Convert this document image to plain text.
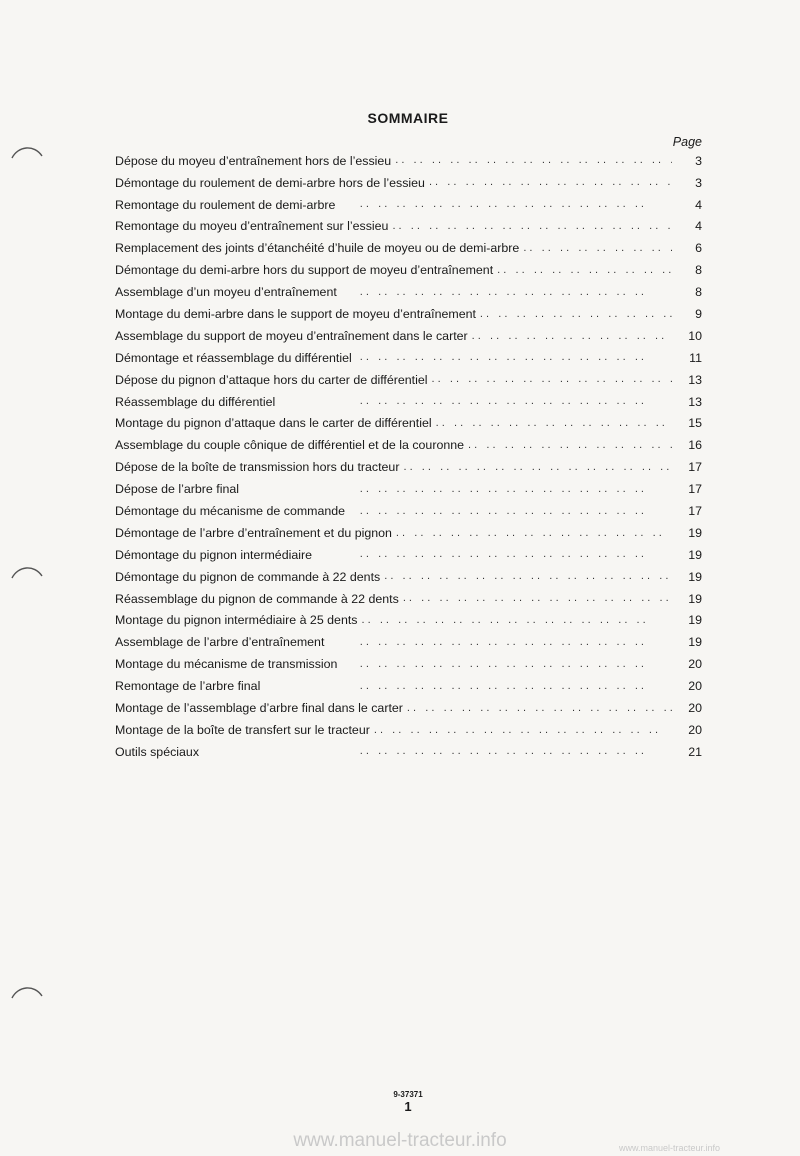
SOMMAIRE
Page
Dépose du moyeu d’entraînement hors de l’essieu . .	3
Démontage du roulement de demi-arbre hors de l’essieu . .	3
Remontage du roulement de demi-arbre . .	4
Remontage du moyeu d’entraînement sur l’essieu . .	4
Remplacement des joints d’étanchéité d’huile de moyeu ou de demi-arbre . .	6
Démontage du demi-arbre hors du support de moyeu d’entraînement . .	8
Assemblage d’un moyeu d’entraînement . .	8
Montage du demi-arbre dans le support de moyeu d’entraînement . .	9
Assemblage du support de moyeu d’entraînement dans le carter . .	10
Démontage et réassemblage du différentiel . .	11
Dépose du pignon d’attaque hors du carter de différentiel . .	13
Réassemblage du différentiel . .	13
Montage du pignon d’attaque dans le carter de différentiel . .	15
Assemblage du couple cônique de différentiel et de la couronne . .	16
Dépose de la boîte de transmission hors du tracteur . .	17
Dépose de l’arbre final . .	17
Démontage du mécanisme de commande . .	17
Démontage de l’arbre d’entraînement et du pignon . .	19
Démontage du pignon intermédiaire . .	19
Démontage du pignon de commande à 22 dents . .	19
Réassemblage du pignon de commande à 22 dents . .	19
Montage du pignon intermédiaire à 25 dents . .	19
Assemblage de l’arbre d’entraînement . .	19
Montage du mécanisme de transmission . .	20
Remontage de l’arbre final . .	20
Montage de l’assemblage d’arbre final dans le carter . .	20
Montage de la boîte de transfert sur le tracteur . .	20
Outils spéciaux . .	21
9-37371
1
www.manuel-tracteur.info	www.manuel-tracteur.info
